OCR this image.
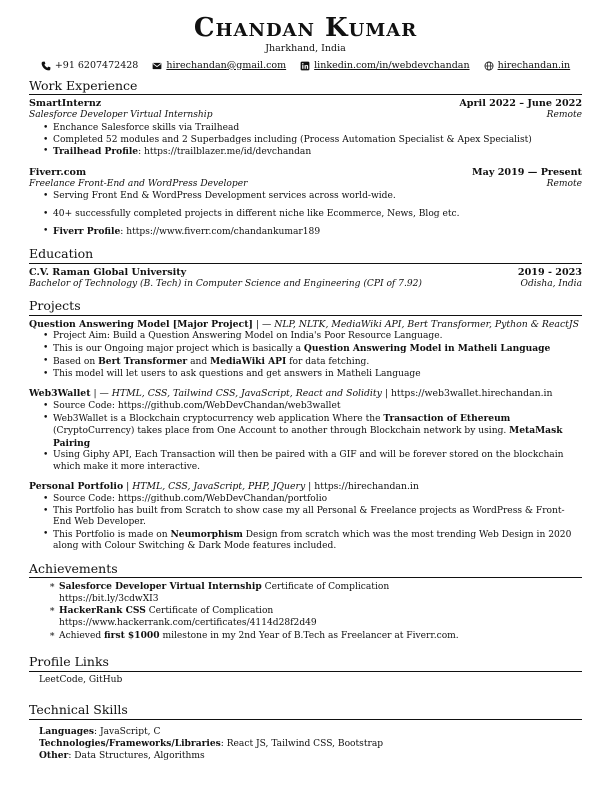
Chandan Kumar
Jharkhand, India
+91 6207472428	hirechandan@gmail.com	linkedin.com/in/webdevchandan	hirechandan.in
Work Experience
SmartInternz	April 2022 – June 2022
Salesforce Developer Virtual Internship	Remote
• Enchance Salesforce skills via Trailhead
• Completed 52 modules and 2 Superbadges including (Process Automation Specialist & Apex Specialist)
• Trailhead Profile: https://trailblazer.me/id/devchandan
Fiverr.com	May 2019 — Present
Freelance Front-End and WordPress Developer	Remote
• Serving Front End & WordPress Development services across world-wide.
• 40+ successfully completed projects in different niche like Ecommerce, News, Blog etc.
• Fiverr Profile: https://www.fiverr.com/chandankumar189
Education
C.V. Raman Global University	2019 - 2023
Bachelor of Technology (B. Tech) in Computer Science and Engineering (CPI of 7.92)	Odisha, India
Projects
Question Answering Model [Major Project] | — NLP, NLTK, MediaWiki API, Bert Transformer, Python & ReactJS
• Project Aim: Build a Question Answering Model on India's Poor Resource Language.
• This is our Ongoing major project which is basically a Question Answering Model in Matheli Language
• Based on Bert Transformer and MediaWiki API for data fetching.
• This model will let users to ask questions and get answers in Matheli Language
Web3Wallet | — HTML, CSS, Tailwind CSS, JavaScript, React and Solidity | https://web3wallet.hirechandan.in
• Source Code: https://github.com/WebDevChandan/web3wallet
• Web3Wallet is a Blockchain cryptocurrency web application Where the Transaction of Ethereum (CryptoCurrency) takes place from One Account to another through Blockchain network by using. MetaMask Pairing
• Using Giphy API, Each Transaction will then be paired with a GIF and will be forever stored on the blockchain which make it more interactive.
Personal Portfolio | HTML, CSS, JavaScript, PHP, JQuery | https://hirechandan.in
• Source Code: https://github.com/WebDevChandan/portfolio
• This Portfolio has built from Scratch to show case my all Personal & Freelance projects as WordPress & Front-End Web Developer.
• This Portfolio is made on Neumorphism Design from scratch which was the most trending Web Design in 2020 along with Colour Switching & Dark Mode features included.
Achievements
∗ Salesforce Developer Virtual Internship Certificate of Complication
https://bit.ly/3cdwXI3
∗ HackerRank CSS Certificate of Complication
https://www.hackerrank.com/certificates/4114d28f2d49
∗ Achieved first $1000 milestone in my 2nd Year of B.Tech as Freelancer at Fiverr.com.
Profile Links
LeetCode, GitHub
Technical Skills
Languages: JavaScript, C
Technologies/Frameworks/Libraries: React JS, Tailwind CSS, Bootstrap
Other: Data Structures, Algorithms
